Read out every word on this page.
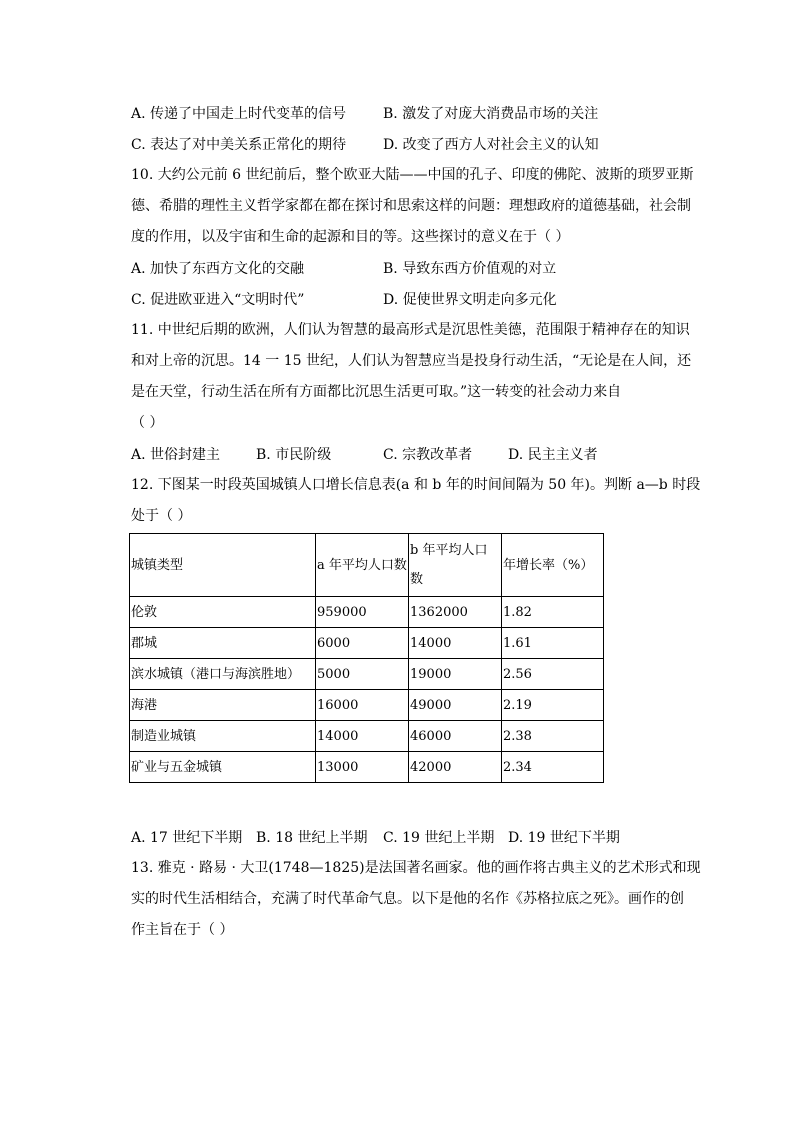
A. 传递了中国走上时代变革的信号	B. 激发了对庞大消费品市场的关注
C. 表达了对中美关系正常化的期待	D. 改变了西方人对社会主义的认知
10. 大约公元前 6 世纪前后，整个欧亚大陆——中国的孔子、印度的佛陀、波斯的琐罗亚斯
德、希腊的理性主义哲学家都在都在探讨和思索这样的问题：理想政府的道德基础，社会制
度的作用，以及宇宙和生命的起源和目的等。这些探讨的意义在于（ ）
A. 加快了东西方文化的交融	B. 导致东西方价值观的对立
C. 促进欧亚进入“文明时代”	D. 促使世界文明走向多元化
11. 中世纪后期的欧洲，人们认为智慧的最高形式是沉思性美德，范围限于精神存在的知识
和对上帝的沉思。14 一 15 世纪，人们认为智慧应当是投身行动生活，“无论是在人间，还
是在天堂，行动生活在所有方面都比沉思生活更可取。”这一转变的社会动力来自
（ ）
A. 世俗封建主	B. 市民阶级	C. 宗教改革者	D. 民主主义者
12. 下图某一时段英国城镇人口增长信息表(a 和 b 年的时间间隔为 50 年)。判断 a—b 时段
处于（ ）
城镇类型	a 年平均人口数	b 年平均人口数	年增长率（%）
伦敦	959000	1362000	1.82
郡城	6000	14000	1.61
滨水城镇（港口与海滨胜地）	5000	19000	2.56
海港	16000	49000	2.19
制造业城镇	14000	46000	2.38
矿业与五金城镇	13000	42000	2.34
A. 17 世纪下半期 B. 18 世纪上半期 C. 19 世纪上半期 D. 19 世纪下半期
13. 雅克 · 路易 · 大卫(1748—1825)是法国著名画家。他的画作将古典主义的艺术形式和现
实的时代生活相结合，充满了时代革命气息。以下是他的名作《苏格拉底之死》。画作的创
作主旨在于（ ）
